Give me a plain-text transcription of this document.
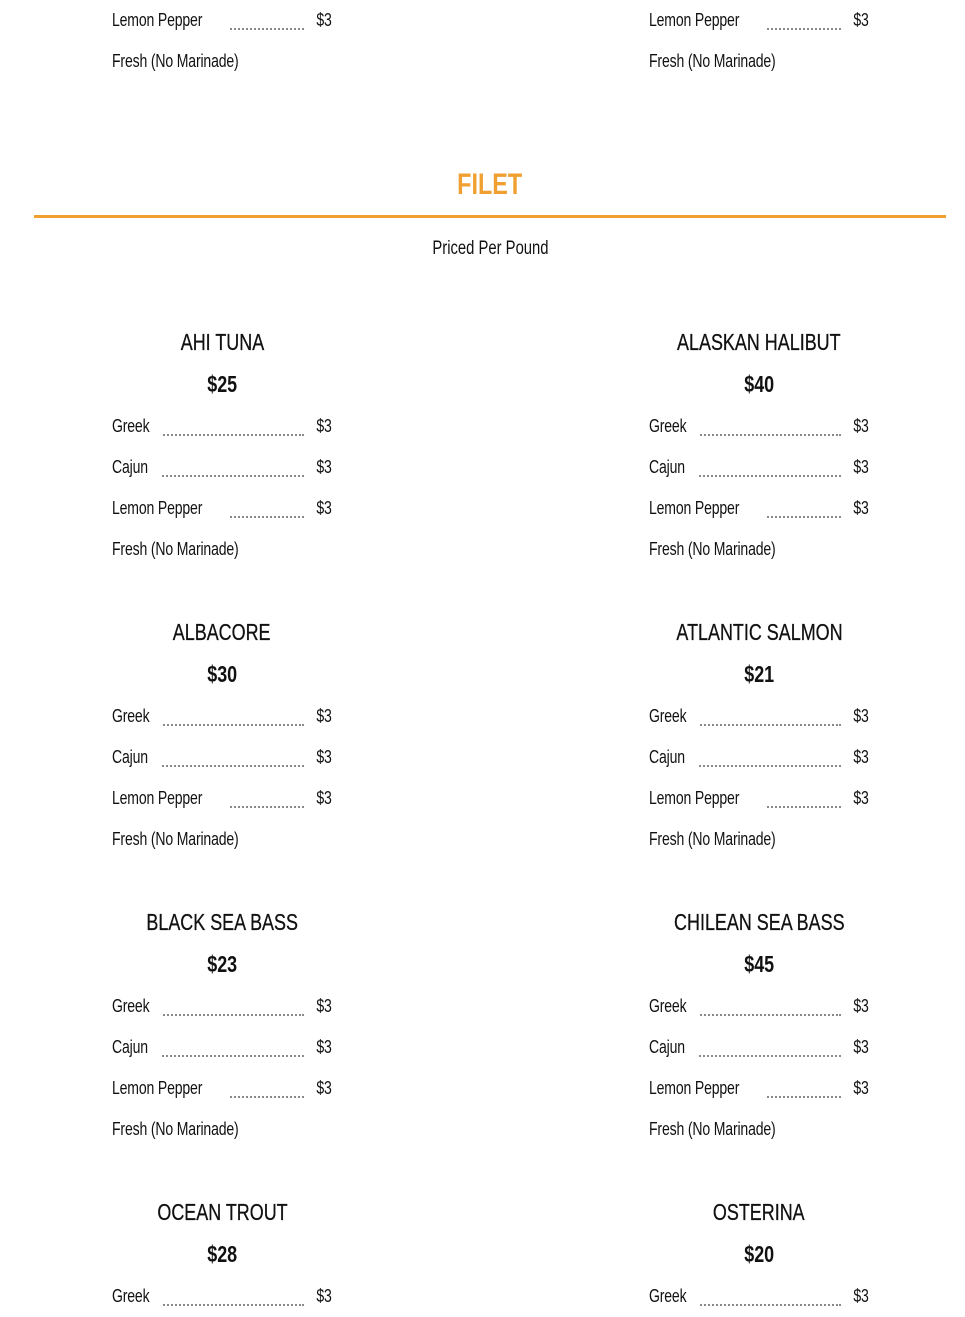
Lemon Pepper	$3
Fresh (No Marinade)
Lemon Pepper	$3
Fresh (No Marinade)
FILET
Priced Per Pound
AHI TUNA
$25
Greek	$3
Cajun	$3
Lemon Pepper	$3
Fresh (No Marinade)
ALASKAN HALIBUT
$40
Greek	$3
Cajun	$3
Lemon Pepper	$3
Fresh (No Marinade)
ALBACORE
$30
Greek	$3
Cajun	$3
Lemon Pepper	$3
Fresh (No Marinade)
ATLANTIC SALMON
$21
Greek	$3
Cajun	$3
Lemon Pepper	$3
Fresh (No Marinade)
BLACK SEA BASS
$23
Greek	$3
Cajun	$3
Lemon Pepper	$3
Fresh (No Marinade)
CHILEAN SEA BASS
$45
Greek	$3
Cajun	$3
Lemon Pepper	$3
Fresh (No Marinade)
OCEAN TROUT
$28
Greek	$3
OSTERINA
$20
Greek	$3
